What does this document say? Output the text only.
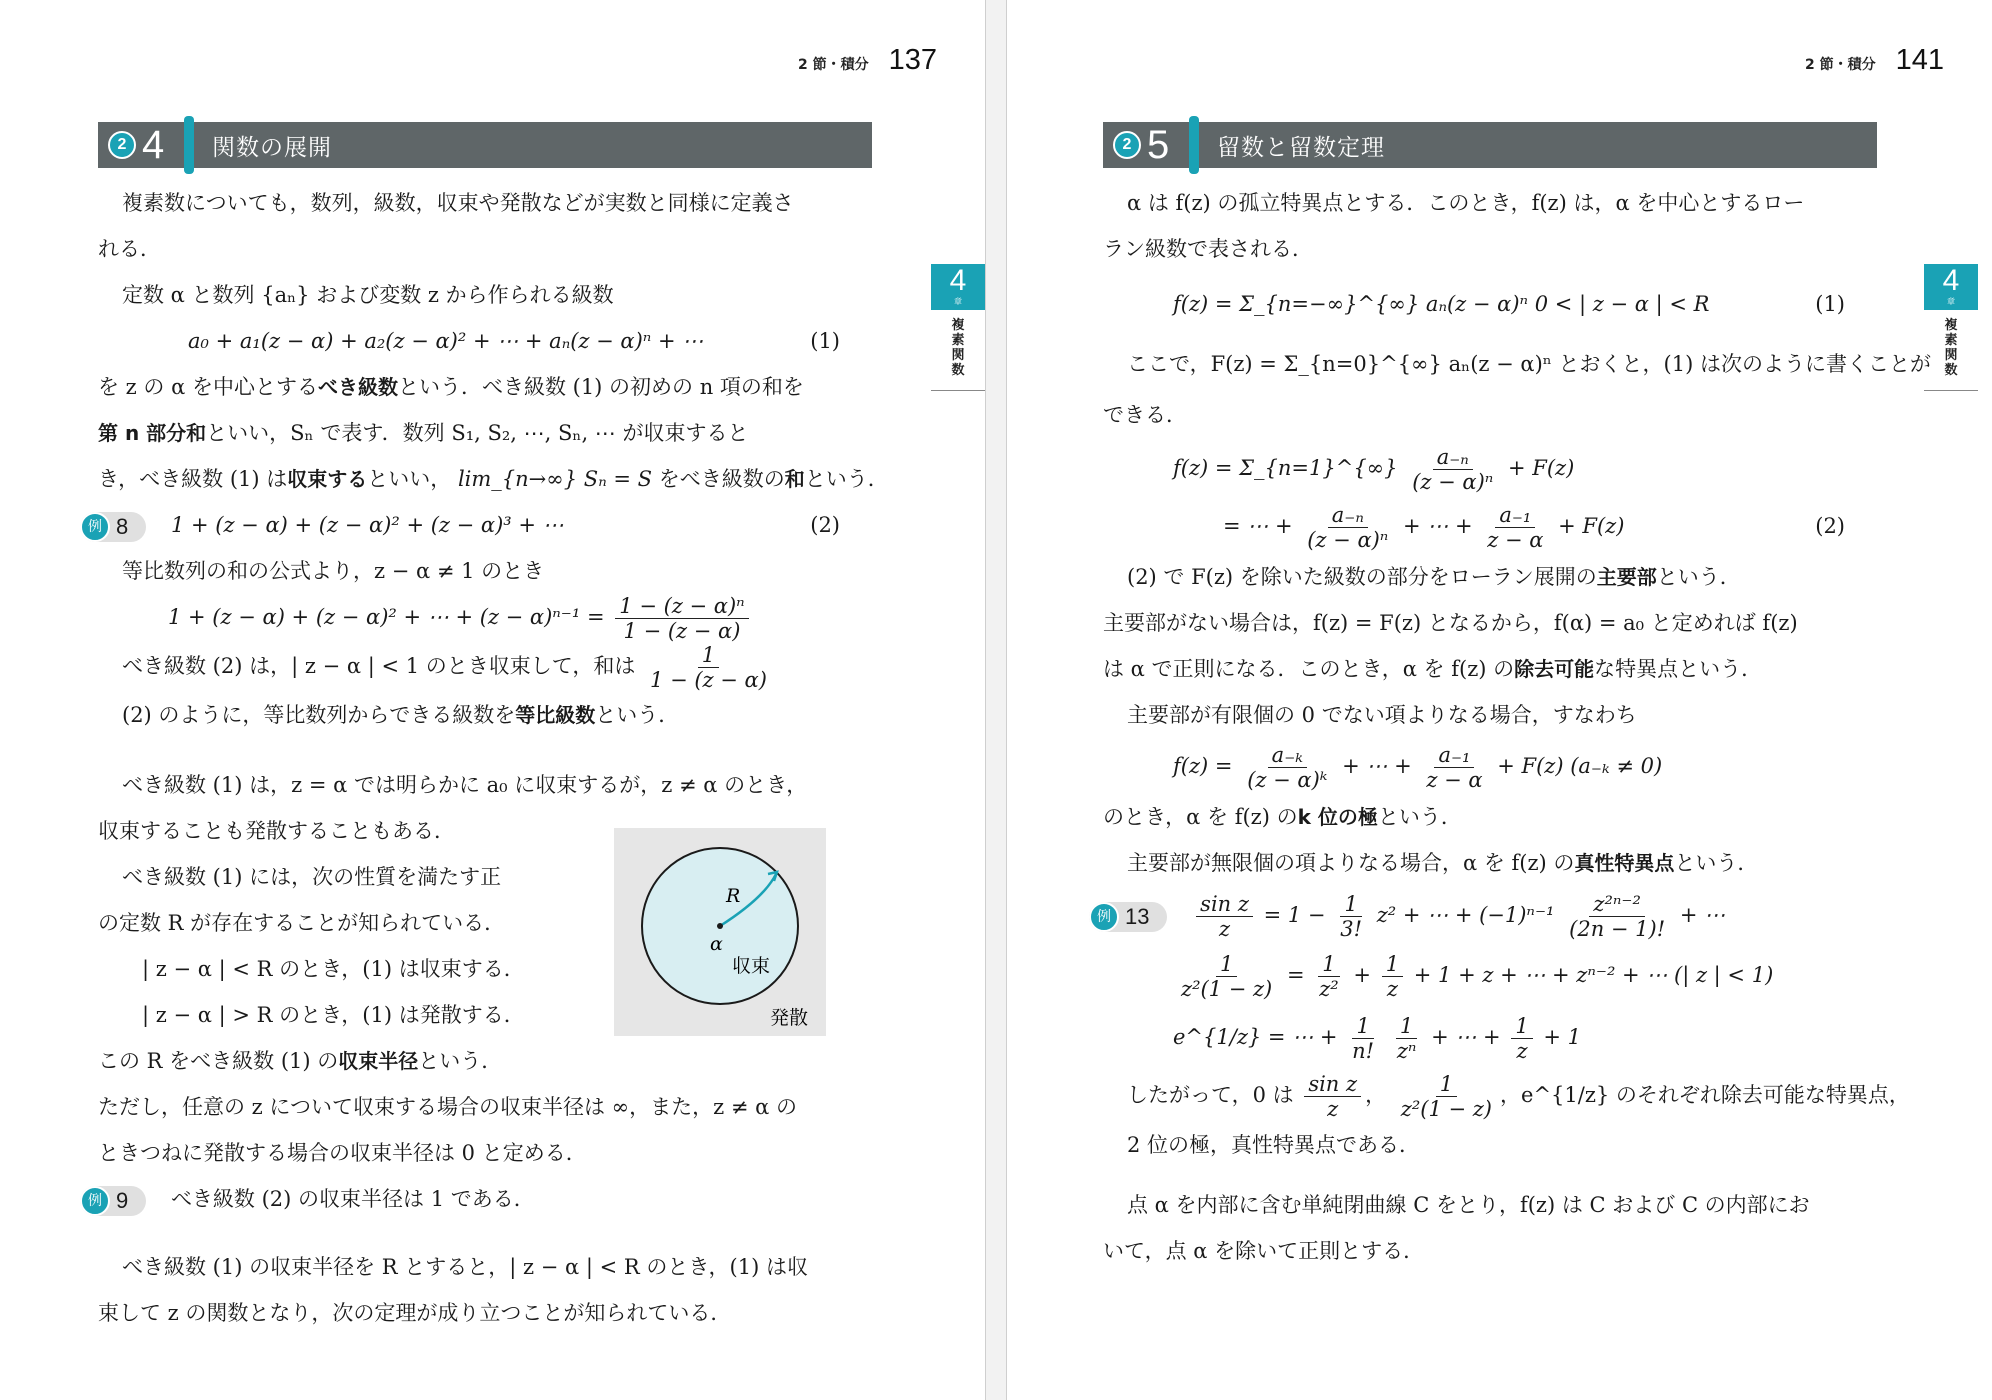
2 節・積分 137
2 4	関数の展開
4
章
複素関数
複素数についても，数列，級数，収束や発散などが実数と同様に定義さ
れる．
定数 α と数列 {aₙ} および変数 z から作られる級数
a₀ + a₁(z − α) + a₂(z − α)² + ⋯ + aₙ(z − α)ⁿ + ⋯	(1)
を z の α を中心とするべき級数という．べき級数 (1) の初めの n 項の和を
第 n 部分和といい，Sₙ で表す．数列 S₁, S₂, ⋯, Sₙ, ⋯ が収束すると
き，べき級数 (1) は収束するといい， lim_{n→∞} Sₙ = S をべき級数の和という．
例 8 1 + (z − α) + (z − α)² + (z − α)³ + ⋯	(2)
等比数列の和の公式より，z − α ≠ 1 のとき
1 + (z − α) + (z − α)² + ⋯ + $(z - \alpha)^{n-1} = \frac{\text{1 − (z − α)ⁿ}}{1 - (z - \alpha)}$
べき級数 (2) は，| z − α | < 1 のとき収束して，和は $\frac{1}{1 - (z - \alpha)}$
(2) のように，等比数列からできる級数を等比級数という．
べき級数 (1) は，z = α では明らかに a₀ に収束するが，z ≠ α のとき，
収束することも発散することもある．
べき級数 (1) には，次の性質を満たす正
の定数 R が存在することが知られている．
| z − α | < R のとき，(1) は収束する．
| z − α | > R のとき，(1) は発散する．
この R をべき級数 (1) の収束半径という．
ただし，任意の z について収束する場合の収束半径は ∞，また，z ≠ α の
ときつねに発散する場合の収束半径は 0 と定める．
例 9 べき級数 (2) の収束半径は 1 である．
べき級数 (1) の収束半径を R とすると，| z − α | < R のとき，(1) は収
束して z の関数となり，次の定理が成り立つことが知られている．
R
α
収束
発散
2 節・積分 141
2 5	留数と留数定理
4
章
複素関数
α は f(z) の孤立特異点とする．このとき，f(z) は，α を中心とするロー
ラン級数で表される．
f(z) = Σ_{n=−∞}^{∞} aₙ(z − α)ⁿ 0 < | z − α | < R	(1)
ここで，F(z) = Σ_{n=0}^{∞} aₙ(z − α)ⁿ とおくと，(1) は次のように書くことが
できる．
f(z) = Σ_{n=1}^{∞} $\frac{\text{a₋ₙ}}{\text{(z − α)ⁿ}} + F(z)$
= ⋯ + $\frac{\text{a₋ₙ}}{\text{(z − α)ⁿ}}$ + ⋯ + $\frac{\text{a₋₁}}{z - \alpha} + F(z)$	(2)
(2) で F(z) を除いた級数の部分をローラン展開の主要部という．
主要部がない場合は，f(z) = F(z) となるから，f(α) = a₀ と定めれば f(z)
は α で正則になる．このとき，α を f(z) の除去可能な特異点という．
主要部が有限個の 0 でない項よりなる場合，すなわち
$f(z) = \frac{\text{a₋ₖ}}{\text{(z − α)ᵏ}}$ + ⋯ + $\frac{\text{a₋₁}}{z - \alpha} + F(z) (a_{-k} \ne 0)$
のとき，α を f(z) のk 位の極という．
主要部が無限個の項よりなる場合，α を f(z) の真性特異点という．
例 13
$\frac{\text{sin z}}{z} = 1 - \frac{1}{3!} z^2$ + ⋯ + $(-1)^{n-1} \frac{\text{z²ⁿ⁻²}}{(2n - 1)!}$ + ⋯
$\frac{1}{\text{z²(1 − z)}} = \frac{1}{\text{z²}} + \frac{1}{z} + 1 + z$ + ⋯ + zⁿ⁻² + ⋯ (| z | < 1)
e^{1/z} = ⋯ + $\frac{1}{n!}$
$\frac{1}{\text{zⁿ}}$ + ⋯ + $\frac{1}{z} + 1$
したがって，0 は $\frac{\text{sin z}}{z}$ ， $\frac{1}{\text{z²(1 − z)}}$ ，e^{1/z} のそれぞれ除去可能な特異点，
2 位の極，真性特異点である．
点 α を内部に含む単純閉曲線 C をとり，f(z) は C および C の内部にお
いて，点 α を除いて正則とする．
